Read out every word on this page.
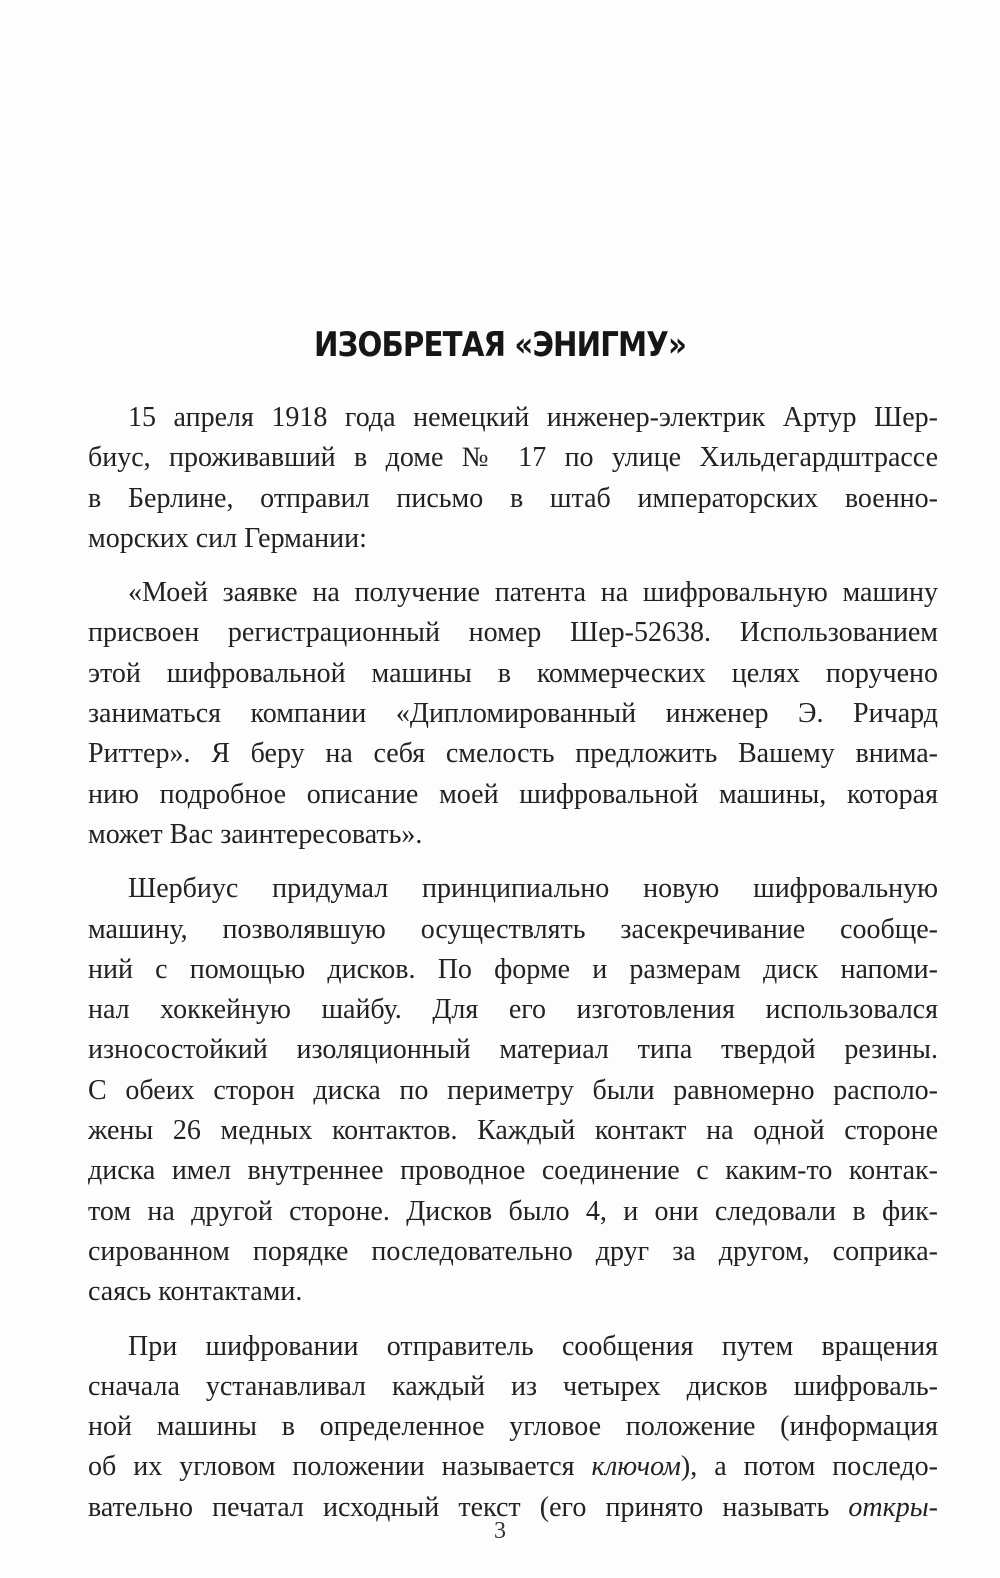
ИЗОБРЕТАЯ «ЭНИГМУ»

15 апреля 1918 года немецкий инженер-электрик Артур Шер-
биус, проживавший в доме № 17 по улице Хильдегардштрассе
в Берлине, отправил письмо в штаб императорских военно-
морских сил Германии:

«Моей заявке на получение патента на шифровальную машину
присвоен регистрационный номер Шер-52638. Использованием
этой шифровальной машины в коммерческих целях поручено
заниматься компании «Дипломированный инженер Э. Ричард
Риттер». Я беру на себя смелость предложить Вашему внима-
нию подробное описание моей шифровальной машины, которая
может Вас заинтересовать».

Шербиус придумал принципиально новую шифровальную
машину, позволявшую осуществлять засекречивание сообще-
ний с помощью дисков. По форме и размерам диск напоми-
нал хоккейную шайбу. Для его изготовления использовался
износостойкий изоляционный материал типа твердой резины.
С обеих сторон диска по периметру были равномерно располо-
жены 26 медных контактов. Каждый контакт на одной стороне
диска имел внутреннее проводное соединение с каким-то контак-
том на другой стороне. Дисков было 4, и они следовали в фик-
сированном порядке последовательно друг за другом, соприка-
саясь контактами.

При шифровании отправитель сообщения путем вращения
сначала устанавливал каждый из четырех дисков шифроваль-
ной машины в определенное угловое положение (информация
об их угловом положении называется ключом), а потом последо-
вательно печатал исходный текст (его принято называть откры-

3
